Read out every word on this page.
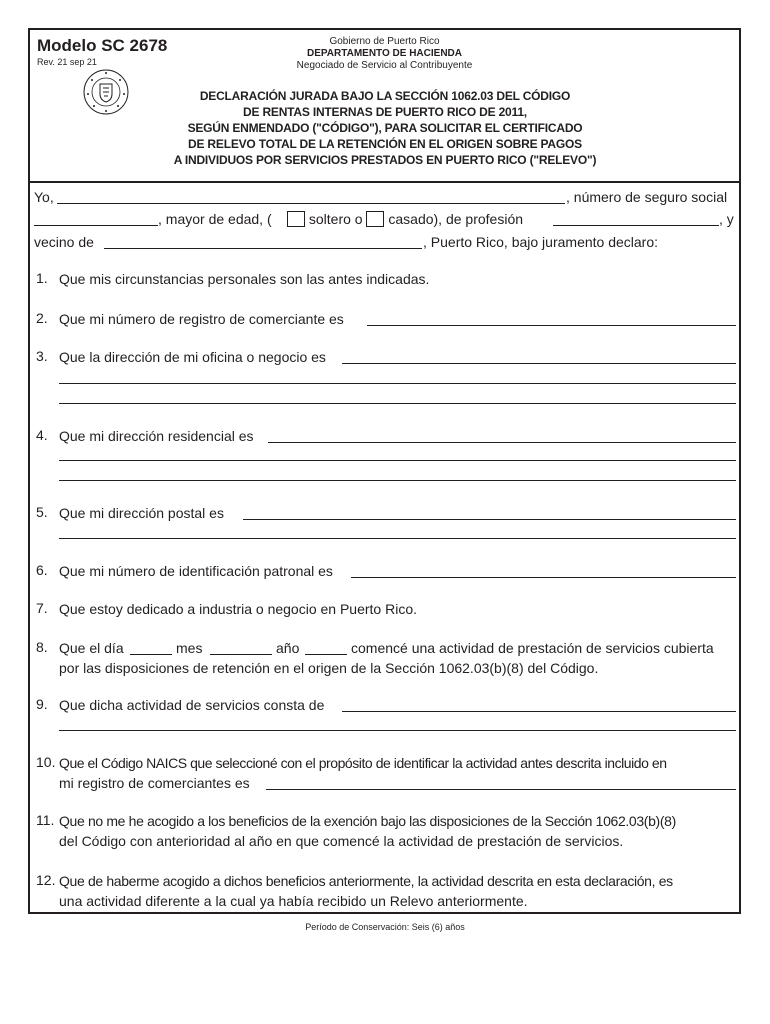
Modelo SC 2678
Rev. 21 sep 21
Gobierno de Puerto Rico
DEPARTAMENTO DE HACIENDA
Negociado de Servicio al Contribuyente
DECLARACIÓN JURADA BAJO LA SECCIÓN 1062.03 DEL CÓDIGO
DE RENTAS INTERNAS DE PUERTO RICO DE 2011,
SEGÚN ENMENDADO ("CÓDIGO"), PARA SOLICITAR EL CERTIFICADO
DE RELEVO TOTAL DE LA RETENCIÓN EN EL ORIGEN SOBRE PAGOS
A INDIVIDUOS POR SERVICIOS PRESTADOS EN PUERTO RICO ("RELEVO")
Yo,	, número de seguro social
, mayor de edad, (	soltero o casado), de profesión	, y
vecino de	, Puerto Rico, bajo juramento declaro:
1. Que mis circunstancias personales son las antes indicadas.
2. Que mi número de registro de comerciante es
3. Que la dirección de mi oficina o negocio es
4. Que mi dirección residencial es
5. Que mi dirección postal es
6. Que mi número de identificación patronal es
7. Que estoy dedicado a industria o negocio en Puerto Rico.
8. Que el día	mes	año	comencé una actividad de prestación de servicios cubierta
por las disposiciones de retención en el origen de la Sección 1062.03(b)(8) del Código.
9. Que dicha actividad de servicios consta de
10. Que el Código NAICS que seleccioné con el propósito de identificar la actividad antes descrita incluido en
mi registro de comerciantes es
11. Que no me he acogido a los beneficios de la exención bajo las disposiciones de la Sección 1062.03(b)(8)
del Código con anterioridad al año en que comencé la actividad de prestación de servicios.
12. Que de haberme acogido a dichos beneficios anteriormente, la actividad descrita en esta declaración, es
una actividad diferente a la cual ya había recibido un Relevo anteriormente.
Período de Conservación: Seis (6) años
